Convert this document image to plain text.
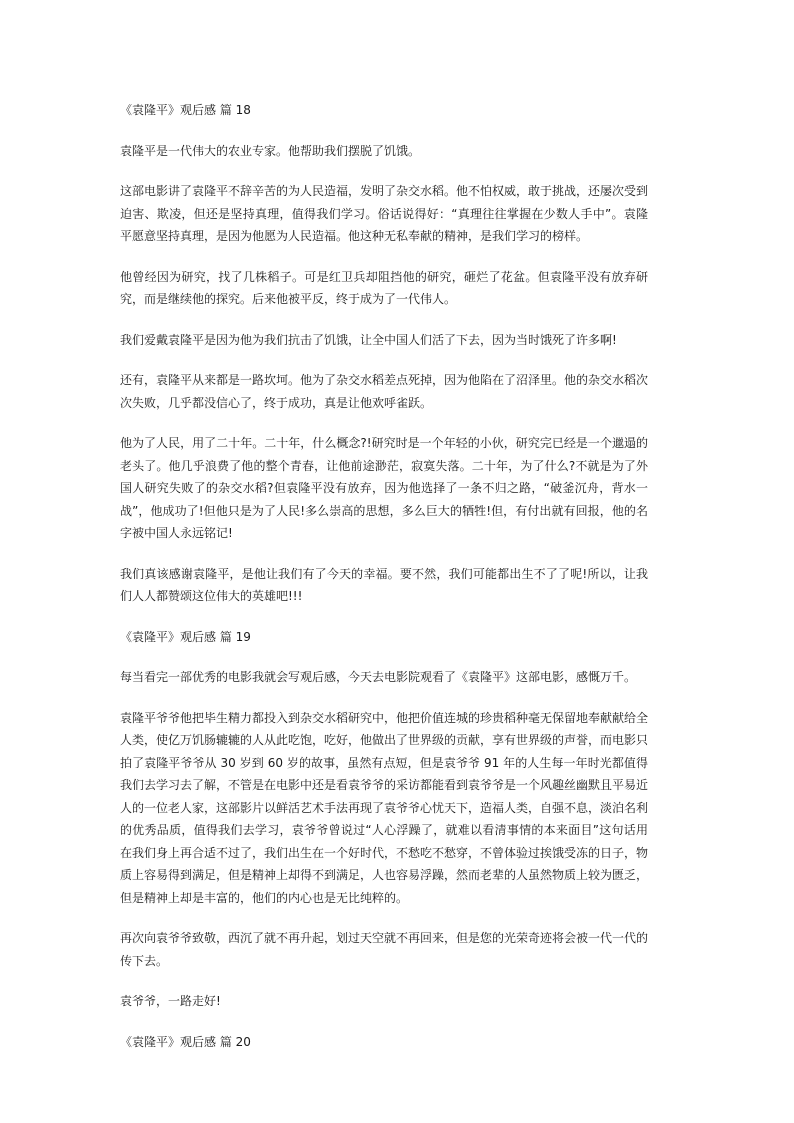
《袁隆平》观后感 篇 18

袁隆平是一代伟大的农业专家。他帮助我们摆脱了饥饿。

这部电影讲了袁隆平不辞辛苦的为人民造福，发明了杂交水稻。他不怕权威，敢于挑战，还屡次受到迫害、欺凌，但还是坚持真理，值得我们学习。俗话说得好：“真理往往掌握在少数人手中”。袁隆平愿意坚持真理，是因为他愿为人民造福。他这种无私奉献的精神，是我们学习的榜样。

他曾经因为研究，找了几株稻子。可是红卫兵却阻挡他的研究，砸烂了花盆。但袁隆平没有放弃研究，而是继续他的探究。后来他被平反，终于成为了一代伟人。

我们爱戴袁隆平是因为他为我们抗击了饥饿，让全中国人们活了下去，因为当时饿死了许多啊!

还有，袁隆平从来都是一路坎坷。他为了杂交水稻差点死掉，因为他陷在了沼泽里。他的杂交水稻次次失败，几乎都没信心了，终于成功，真是让他欢呼雀跃。

他为了人民，用了二十年。二十年，什么概念?!研究时是一个年轻的小伙，研究完已经是一个邋遢的老头了。他几乎浪费了他的整个青春，让他前途渺茫，寂寞失落。二十年，为了什么?不就是为了外国人研究失败了的杂交水稻?但袁隆平没有放弃，因为他选择了一条不归之路，“破釜沉舟，背水一战”，他成功了!但他只是为了人民!多么崇高的思想，多么巨大的牺牲!但，有付出就有回报，他的名字被中国人永远铭记!

我们真该感谢袁隆平，是他让我们有了今天的幸福。要不然，我们可能都出生不了了呢!所以，让我们人人都赞颂这位伟大的英雄吧!!!

《袁隆平》观后感 篇 19

每当看完一部优秀的电影我就会写观后感，今天去电影院观看了《袁隆平》这部电影，感慨万千。

袁隆平爷爷他把毕生精力都投入到杂交水稻研究中，他把价值连城的珍贵稻种毫无保留地奉献献给全人类，使亿万饥肠辘辘的人从此吃饱，吃好，他做出了世界级的贡献，享有世界级的声誉，而电影只拍了袁隆平爷爷从 30 岁到 60 岁的故事，虽然有点短，但是袁爷爷 91 年的人生每一年时光都值得我们去学习去了解，不管是在电影中还是看袁爷爷的采访都能看到袁爷爷是一个风趣丝幽默且平易近人的一位老人家，这部影片以鲜活艺术手法再现了袁爷爷心忧天下，造福人类，自强不息，淡泊名利的优秀品质，值得我们去学习，袁爷爷曾说过“人心浮躁了，就难以看清事情的本来面目”这句话用在我们身上再合适不过了，我们出生在一个好时代，不愁吃不愁穿，不曾体验过挨饿受冻的日子，物质上容易得到满足，但是精神上却得不到满足，人也容易浮躁，然而老辈的人虽然物质上较为匮乏，但是精神上却是丰富的，他们的内心也是无比纯粹的。

再次向袁爷爷致敬，西沉了就不再升起，划过天空就不再回来，但是您的光荣奇迹将会被一代一代的传下去。

袁爷爷，一路走好!

《袁隆平》观后感 篇 20
